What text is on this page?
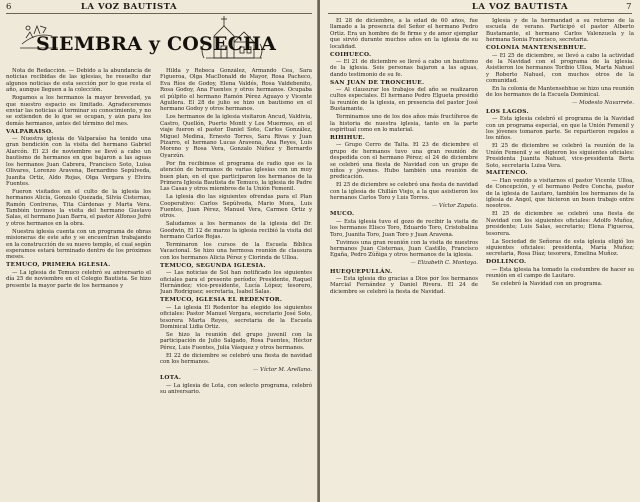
6	LA VOZ BAUTISTA
SIEMBRA y COSECHA

Nota de Redacción. — Debido a la abundancia de noticias recibidas de las iglesias, he resuelto dar algunos noticias de esta sección por lo que resta el año, aunque lleguen a la colección.

Rogamos a los hermanos la mayor brevedad, ya que nuestro espacio es limitado. Agradeceremos enviar las noticias al terminar su conocimiento, y no se extienden de lo que se ocupan, y aún para los demás hermanos, antes del término del mes.

VALPARAISO.

— Nuestra iglesia de Valparaíso ha tenido una gran bendición con la visita del hermano Gabriel Alarcón. El 23 de noviembre se llevó a cabo un bautismo de hermanos en que bajaron a las aguas los hermanos Juan Cabrera, Francisco Soto, Luisa Olivares, Lorenzo Aravena, Bernardino Sepúlveda, Juanita Ortiz, Aldo Rojas, Olga Vergara y Elvira Fuentes.

Fueron visitados en el culto de la iglesia los hermanos Alicia, Gonzalo Quezada, Silvia Cisternas, Ramón Contreras, Tita Cárdenas y Marta Vera. También tuvimos la visita del hermano Gustavo Salas, el hermano Juan Barra, el pastor Alfonso Jofré y otros hermanos en la obra.

Nuestra iglesia cuenta con un programa de obras misioneras de este año y se encuentran trabajando en la construcción de su nuevo templo, el cual según esperamos estará terminado dentro de los próximos meses.

TEMUCO, PRIMERA IGLESIA.

— La iglesia de Temuco celebró su aniversario el día 25 de noviembre en el Colegio Bautista. Se hizo presente la mayor parte de los hermanos y

Hilda y Rebeca González, Armando Cea, Sara Figueroa, Olga MacDonald de Mayor, Rosa Pacheco, Eva Ríos de Godoy, Elena Valdés, Rosa Valdebenito, Rosa Godoy, Ana Fuentes y otros hermanos. Ocupaba el púlpito el hermano Ramón Pérez Aguayo y Vicente Aguilera. El 28 de julio se hizo un bautismo en el hermano Godoy y otros hermanos.

Los hermanos de la iglesia visitaron Ancud, Valdivia, Castro, Quellón, Puerto Montt y Los Muermos, en el viaje fueron el pastor Daniel Soto, Carlos González, Miguel Medina, Ernesto Torres, Sara Rivas y Juan Pizarro, el hermano Lucas Aravena, Ana Reyes, Luis Moreno y Rosa Vera, Gonzalo Núñez y Bernardo Oyarzún.

Por fin recibimos el programa de radio que es la atención de hermanos de varias iglesias con un muy buen plan, en el que participaron los hermanos de la Primera Iglesia Bautista de Temuco, la iglesia de Padre Las Casas y otros miembros de la Unión Femenil.

La iglesia dio las siguientes ofrendas para el Plan Cooperativo: Carlos Sepúlveda, Mario Mora, Luis Fuentes, Juan Pérez, Manuel Vera, Carmen Ortiz y otros.

Saludamos a los hermanos de la iglesia del Dr. Goodwin, El 12 de marzo la iglesia recibió la visita del hermano Carlos Rojas.

Terminaron los cursos de la Escuela Bíblica Vacacional. Se hizo una hermosa reunión de clausura con los hermanos Alicia Pérez y Clorinda de Ulloa.

TEMUCO, SEGUNDA IGLESIA.

— Las noticias de Sol han notificado los siguientes oficiales para el presente período: Presidente, Raquel Hernández; vice-presidente, Lucía López; tesorero, Juan Rodríguez; secretaria, Isabel Salas.

TEMUCO, IGLESIA EL REDENTOR.

— La iglesia El Redentor ha elegido los siguientes oficiales: Pastor Manuel Vergara, secretario José Soto, tesorera Marta Reyes, secretaria de la Escuela Dominical Lidia Ortiz.

Se hizo la reunión del grupo juvenil con la participación de Julio Salgado, Rosa Fuentes, Héctor Pérez, Luis Fuentes, Julia Vásquez y otros hermanos.

El 22 de diciembre se celebró una fiesta de navidad con los hermanos.

— Víctor M. Arellano.
LOTA.

— La iglesia de Lota, con selecto programa, celebró su aniversario.

LA VOZ BAUTISTA	7

El 28 de diciembre, a la edad de 60 años, fue llamado a la presencia del Señor el hermano Pedro Ortiz. Era un hombre de fe firme y de amor ejemplar que sirvió durante muchos años en la iglesia de su localidad.

COIHUECO.

— El 21 de diciembre se llevó a cabo un bautismo de la iglesia. Seis personas bajaron a las aguas, dando testimonio de su fe.

SAN JUAN DE TRONCHUE.

— Al clausurar los trabajos del año se realizaron cultos especiales. El hermano Pedro Elgueta presidió la reunión de la iglesia, en presencia del pastor José Bustamante.

Terminamos uno de los dos años más fructíferos de la historia de nuestra iglesia, tanto en la parte espiritual como en lo material.

RIHIHUE.

— Grupo Cerro de Talta. El 23 de diciembre el grupo de hermanos tuvo una gran reunión de despedida con el hermano Pérez; el 24 de diciembre se celebró una fiesta de Navidad con un grupo de niños y jóvenes. Hubo también una reunión de predicación.

El 25 de diciembre se celebró una fiesta de navidad con la iglesia de Chillán Viejo, a la que asistieron los hermanos Carlos Toro y Luis Torres.

— Víctor Zapata.
MUCO.

— Esta iglesia tuvo el gozo de recibir la visita de los hermanos Elisco Toro, Eduardo Toro, Cristobalina Toro, Juanita Toro, Juan Toro y Juan Aravena.

Tuvimos una gran reunión con la visita de nuestros hermanos Juan Cisternas, Juan Castillo, Francisco Egaña, Pedro Zúñiga y otros hermanos de la iglesia.

— Elizabeth C. Montoya.
HUEQUEPULLÁN.

— Esta iglesia dio gracias a Dios por los hermanos Marcial Fernández y Daniel Rivera. El 24 de diciembre se celebró la fiesta de Navidad.

Iglesia y de la hermandad a su retorno de la escuela de verano. Participó el pastor Alberto Bustamante, el hermano Carlos Valenzuela y la hermana Sonia Francisco, secretaria.

COLONIA MANTENSEBHUE.

— El 25 de diciembre, se llevó a cabo la actividad de la Navidad con el programa de la iglesia. Asistieron los hermanos Toribio Ulloa, Marta Nahuel y Roberto Nahuel, con muchos otros de la comunidad.

En la colonia de Mantensebhue se hizo una reunión de los hermanos de la Escuela Dominical.

— Modesto Navarrete.
LOS LAGOS.

— Esta iglesia celebró el programa de la Navidad con un programa especial, en que la Unión Femenil y los jóvenes tomaron parte. Se repartieron regalos a los niños.

El 25 de diciembre se celebró la reunión de la Unión Femenil y se eligieron los siguientes oficiales: Presidenta Juanita Nahuel, vice-presidenta Berta Soto, secretaria Luisa Vera.

MAITENCO.

— Han venido a visitarnos el pastor Vicente Ulloa, de Concepción, y el hermano Pedro Concha, pastor de la iglesia de Lautaro, también los hermanos de la iglesia de Angol, que hicieron un buen trabajo entre nosotros.

El 25 de diciembre se celebró una fiesta de Navidad con los siguientes oficiales: Adolfo Muñoz, presidente; Luis Salas, secretario; Elena Figueroa, tesorera.

La Sociedad de Señoras de esta iglesia eligió los siguientes oficiales: presidenta, María Muñoz; secretaria, Rosa Díaz; tesorera, Emelina Muñoz.

DOLLINCO.

— Esta iglesia ha tomado la costumbre de hacer su reunión en el campo de Lautaro.

Se celebró la Navidad con un programa.
